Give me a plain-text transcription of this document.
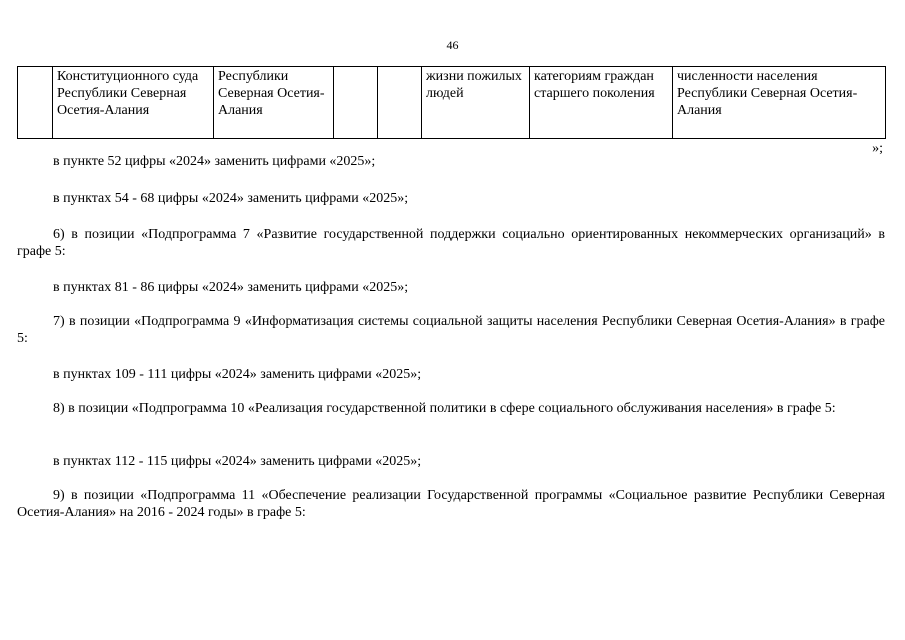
46
	Конституционного суда Республики Северная Осетия-Алания	Республики Северная Осетия-Алания			жизни пожилых людей	категориям граждан старшего поколения	численности населения Республики Северная Осетия-Алания
»;

в пункте 52 цифры «2024» заменить цифрами «2025»;

в пунктах 54 - 68 цифры «2024» заменить цифрами «2025»;

6) в позиции «Подпрограмма 7 «Развитие государственной поддержки социально ориентированных некоммерческих организаций» в графе 5:

в пунктах 81 - 86 цифры «2024» заменить цифрами «2025»;

7) в позиции «Подпрограмма 9 «Информатизация системы социальной защиты населения Республики Северная Осетия-Алания» в графе 5:

в пунктах 109 - 111 цифры «2024» заменить цифрами «2025»;

8) в позиции «Подпрограмма 10 «Реализация государственной политики в сфере социального обслуживания населения» в графе 5:

в пунктах 112 - 115 цифры «2024» заменить цифрами «2025»;

9) в позиции «Подпрограмма 11 «Обеспечение реализации Государственной программы «Социальное развитие Республики Северная Осетия-Алания» на 2016 - 2024 годы» в графе 5:
